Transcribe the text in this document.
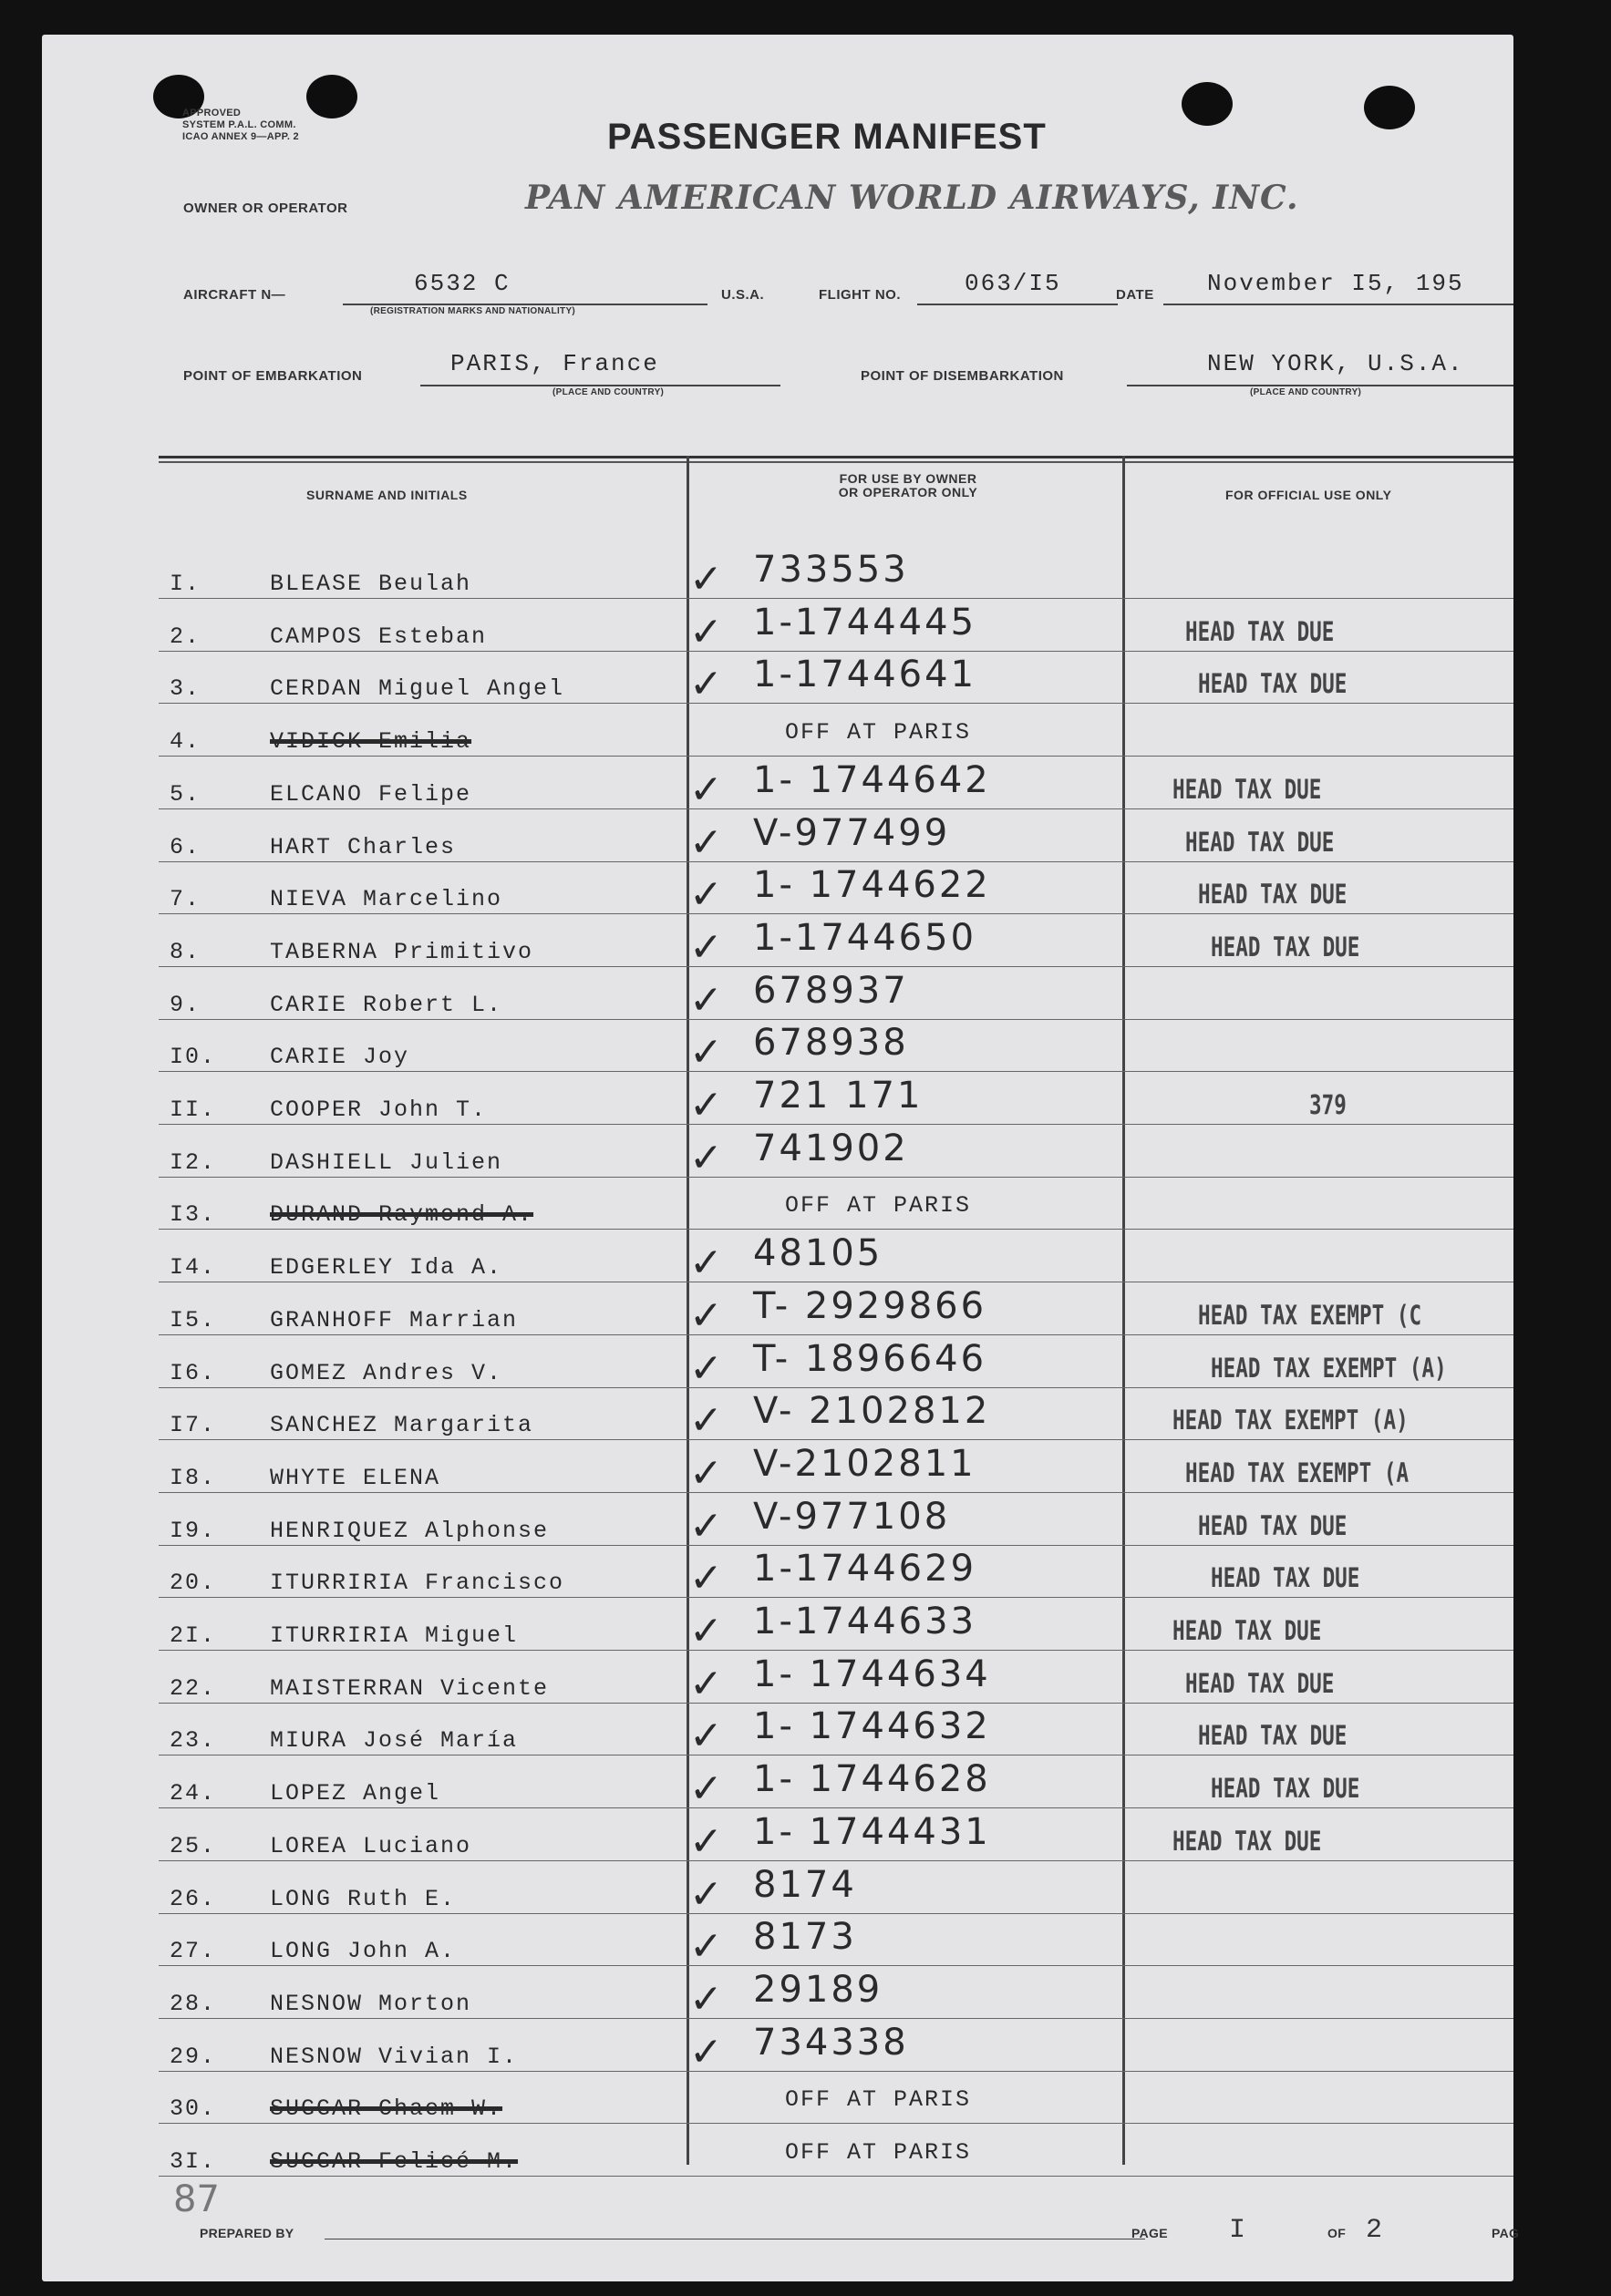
APPROVED
SYSTEM P.A.L. COMM.
ICAO ANNEX 9—APP. 2	PASSENGER MANIFEST
PAN AMERICAN WORLD AIRWAYS, INC.
OWNER OR OPERATOR
AIRCRAFT N—	6532 C
(REGISTRATION MARKS AND NATIONALITY)
U.S.A.	FLIGHT NO.	063/I5	DATE November I5, 195
POINT OF EMBARKATION	PARIS, France
(PLACE AND COUNTRY)
POINT OF DISEMBARKATION	NEW YORK, U.S.A.
(PLACE AND COUNTRY)
SURNAME AND INITIALS
FOR USE BY OWNER
OR OPERATOR ONLY	FOR OFFICIAL USE ONLY
I.	BLEASE Beulah	✓ 733553
2.	CAMPOS Esteban	✓ 1-1744445	HEAD TAX DUE
3.	CERDAN Miguel Angel	✓ 1-1744641	HEAD TAX DUE
4.	VIDICK Emilia	OFF AT PARIS
5.	ELCANO Felipe	✓ 1- 1744642	HEAD TAX DUE
6.	HART Charles	✓ V-977499	HEAD TAX DUE
7.	NIEVA Marcelino	✓ 1- 1744622	HEAD TAX DUE
8.	TABERNA Primitivo	✓ 1-1744650	HEAD TAX DUE
9.	CARIE Robert L.	✓ 678937
I0. CARIE Joy	✓ 678938
II. COOPER John T.	✓ 721 171	379
I2. DASHIELL Julien	✓ 741902
I3. DURAND Raymond A.	OFF AT PARIS
I4. EDGERLEY Ida A.	✓ 48105
I5. GRANHOFF Marrian	✓ T- 2929866	HEAD TAX EXEMPT (C
I6. GOMEZ Andres V.	✓ T- 1896646	HEAD TAX EXEMPT (A)
I7. SANCHEZ Margarita	✓ V- 2102812	HEAD TAX EXEMPT (A)
I8. WHYTE ELENA	✓ V-2102811	HEAD TAX EXEMPT (A
I9. HENRIQUEZ Alphonse	✓ V-977108	HEAD TAX DUE
20. ITURRIRIA Francisco	✓ 1-1744629	HEAD TAX DUE
2I. ITURRIRIA Miguel	✓ 1-1744633	HEAD TAX DUE
22. MAISTERRAN Vicente	✓ 1- 1744634	HEAD TAX DUE
23. MIURA José María	✓ 1- 1744632	HEAD TAX DUE
24. LOPEZ Angel	✓ 1- 1744628	HEAD TAX DUE
25. LOREA Luciano	✓ 1- 1744431	HEAD TAX DUE
26. LONG Ruth E.	✓ 8174
27. LONG John A.	✓ 8173
28. NESNOW Morton	✓ 29189
29. NESNOW Vivian I.	✓ 734338
30. SUGGAR Chaem W.	OFF AT PARIS
3I. SUGGAR Felicé M.	OFF AT PARIS
87
PREPARED BY	PAGE I	OF 2	PAG
